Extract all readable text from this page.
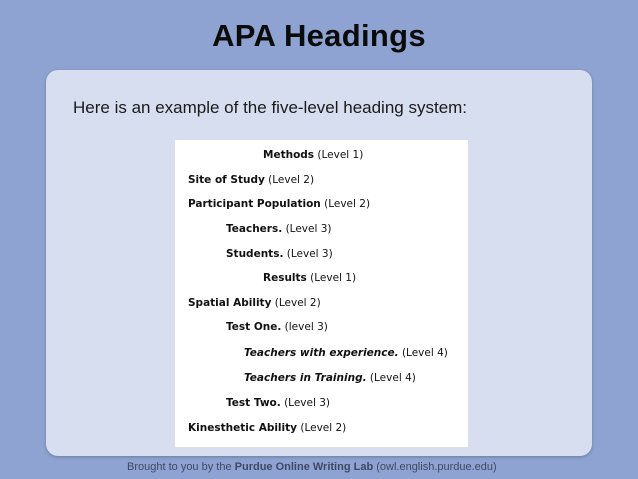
APA Headings
Here is an example of the five-level heading system:
Methods (Level 1)
Site of Study (Level 2)
Participant Population (Level 2)
Teachers. (Level 3)
Students. (Level 3)
Results (Level 1)
Spatial Ability (Level 2)
Test One. (level 3)
Teachers with experience. (Level 4)
Teachers in Training. (Level 4)
Test Two. (Level 3)
Kinesthetic Ability (Level 2)
Brought to you by the Purdue Online Writing Lab (owl.english.purdue.edu)
